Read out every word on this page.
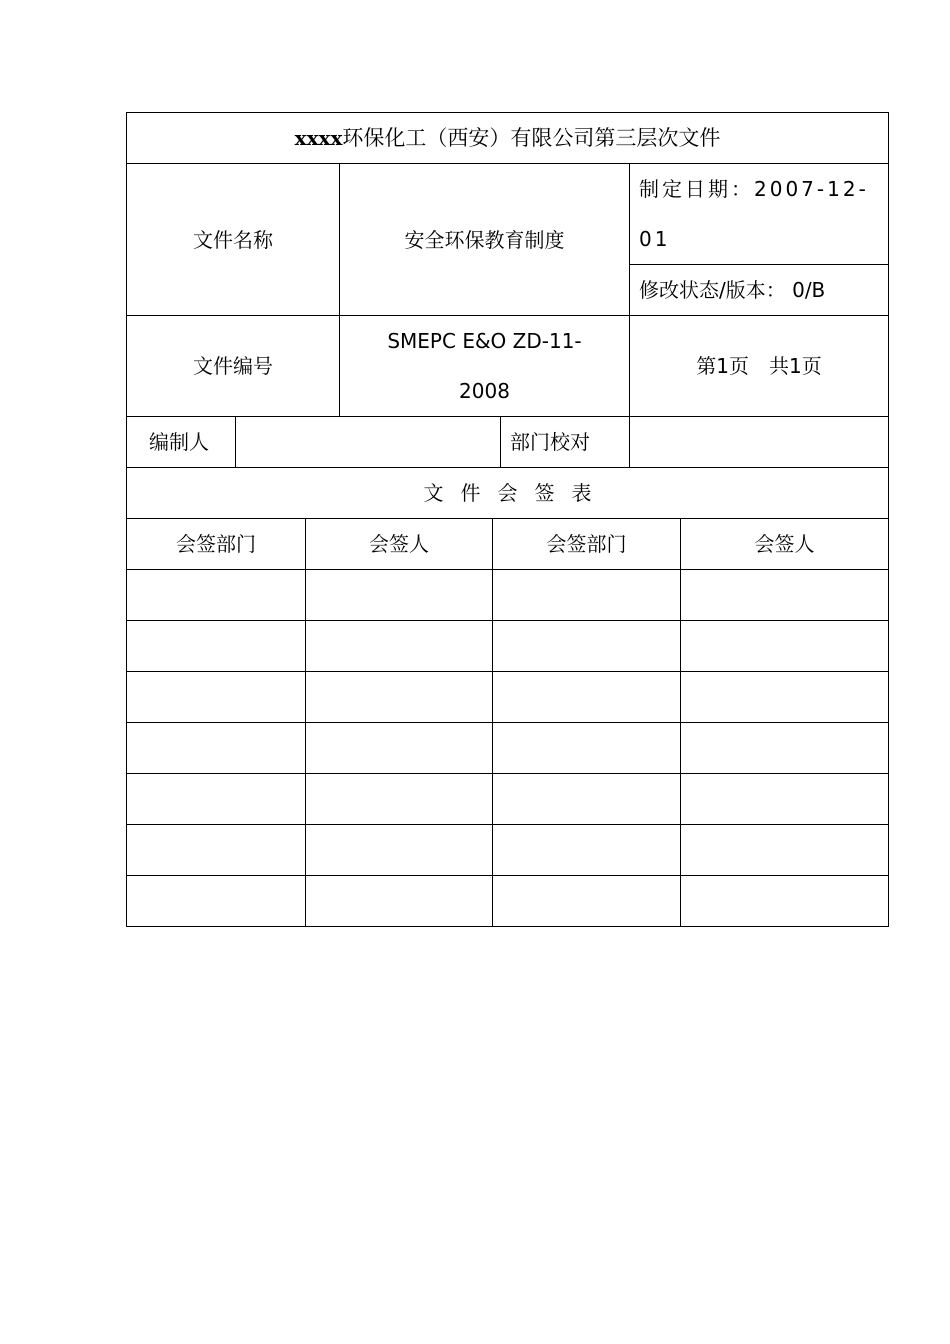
xxxx环保化工（西安）有限公司第三层次文件				
文件名称		安全环保教育制度		制定日期：2007-12-01
				修改状态/版本： 0/B
文件编号		SMEPC E&O ZD-11-2008		第1页　共1页
编制人			部门校对	
文件会签表				
会签部门	会签人	会签部门	会签人
